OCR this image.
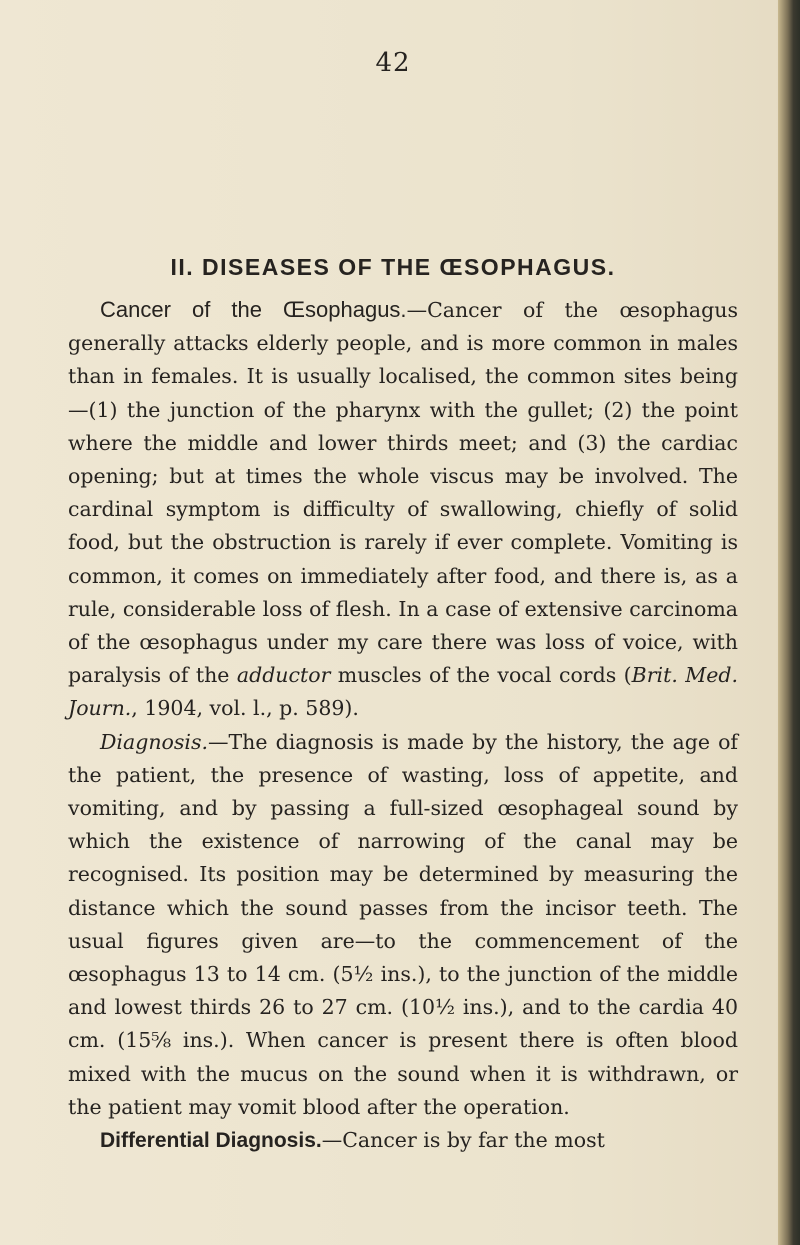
42
II. DISEASES OF THE ŒSOPHAGUS.

Cancer of the Œsophagus.—Cancer of the œsophagus generally attacks elderly people, and is more common in males than in females. It is usually localised, the common sites being—(1) the junction of the pharynx with the gullet; (2) the point where the middle and lower thirds meet; and (3) the cardiac opening; but at times the whole viscus may be involved. The cardinal symptom is difficulty of swallowing, chiefly of solid food, but the obstruction is rarely if ever complete. Vomiting is common, it comes on immediately after food, and there is, as a rule, considerable loss of flesh. In a case of extensive carcinoma of the œsophagus under my care there was loss of voice, with paralysis of the adductor muscles of the vocal cords (Brit. Med. Journ., 1904, vol. l., p. 589).

Diagnosis.—The diagnosis is made by the history, the age of the patient, the presence of wasting, loss of appetite, and vomiting, and by passing a full-sized œsophageal sound by which the existence of narrowing of the canal may be recognised. Its position may be determined by measuring the distance which the sound passes from the incisor teeth. The usual figures given are—to the commencement of the œsophagus 13 to 14 cm. (5½ ins.), to the junction of the middle and lowest thirds 26 to 27 cm. (10½ ins.), and to the cardia 40 cm. (15⅝ ins.). When cancer is present there is often blood mixed with the mucus on the sound when it is withdrawn, or the patient may vomit blood after the operation.

Differential Diagnosis.—Cancer is by far the most
